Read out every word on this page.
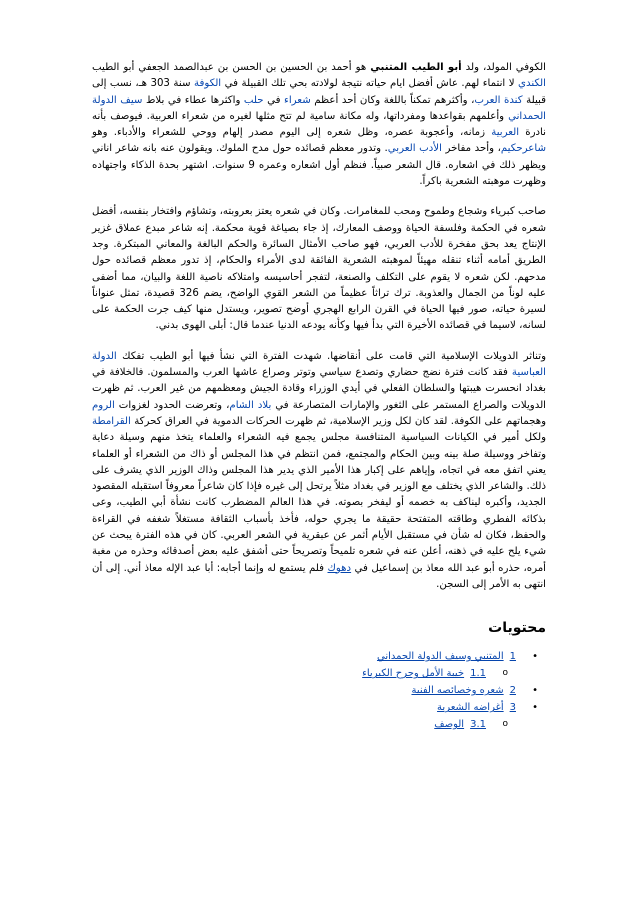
الكوفي المولد، ولد أبو الطيب المتنبي هو أحمد بن الحسين بن الحسن بن عبدالصمد الجعفي أبو الطيب الكندي لا انتماء لهم. عاش أفضل ايام حياته نتيجة لولادته بحي تلك القبيلة في الكوفة سنة 303 هـ، نسب إلى قبيلة كندة العرب، وأكثرهم تمكناً باللغة وكان أحد أعظم شعراء في حلب واكثرها عطاء في بلاط سيف الدولة الحمداني وأعلمهم بقواعدها ومفرداتها، وله مكانة سامية لم تتح مثلها لغيره من شعراء العربية. فيوصف بأنه نادرة العربية زمانه، وأعجوبة عصره، وظل شعره إلى اليوم مصدر إلهام ووحي للشعراء والأدباء. وهو شاعرحكيم، وأحد مفاخر الأدب العربي. وتدور معظم قصائده حول مدح الملوك. ويقولون عنه بانه شاعر اناني ويظهر ذلك في اشعاره. قال الشعر صبياً. فنظم أول اشعاره وعمره 9 سنوات. اشتهر بحدة الذكاء واجتهاده وظهرت موهبته الشعرية باكراً.

صاحب كبرياء وشجاع وطموح ومحب للمغامرات. وكان في شعره يعتز بعروبته، وتشاؤم وافتخار بنفسه، أفضل شعره في الحكمة وفلسفة الحياة ووصف المعارك، إذ جاء بصياغة قوية محكمة. إنه شاعر مبدع عملاق غزير الإنتاج يعد بحق مفخرة للأدب العربي، فهو صاحب الأمثال السائرة والحكم البالغة والمعاني المبتكرة. وجد الطريق أمامه أثناء تنقله مهيئاً لموهبته الشعرية الفائقة لدى الأمراء والحكام، إذ تدور معظم قصائده حول مدحهم. لكن شعره لا يقوم على التكلف والصنعة، لتفجر أحاسيسه وامتلاكه ناصية اللغة والبيان، مما أضفى عليه لوناً من الجمال والعذوبة. ترك تراثاً عظيماً من الشعر القوي الواضح، يضم 326 قصيدة، تمثل عنواناً لسيرة حياته، صور فيها الحياة في القرن الرابع الهجري أوضح تصوير، ويستدل منها كيف جرت الحكمة على لسانه، لاسيما في قصائده الأخيرة التي بدأ فيها وكأنه يودعه الدنيا عندما قال: أبلى الهوى بدني.

وتناثر الدويلات الإسلامية التي قامت على أنقاضها. شهدت الفترة التي نشأ فيها أبو الطيب تفكك الدولة العباسية فقد كانت فترة نضج حضاري وتصدع سياسي وتوتر وصراع عاشها العرب والمسلمون. فالخلافة في بغداد انحسرت هيبتها والسلطان الفعلي في أيدي الوزراء وقادة الجيش ومعظمهم من غير العرب. ثم ظهرت الدويلات والصراع المستمر على الثغور والإمارات المتصارعة في بلاد الشام، وتعرضت الحدود لغزوات الروم وهجماتهم على الكوفة. لقد كان لكل وزير الإسلامية، ثم ظهرت الحركات الدموية في العراق كحركة القرامطة ولكل أمير في الكيانات السياسية المتنافسة مجلس يجمع فيه الشعراء والعلماء يتخذ منهم وسيلة دعاية وتفاخر ووسيلة صلة بينه وبين الحكام والمجتمع، فمن انتظم في هذا المجلس أو ذاك من الشعراء أو العلماء يعني اتفق معه في اتجاه، وإياهم على إكبار هذا الأمير الذي يدير هذا المجلس وذاك الوزير الذي يشرف على ذلك. والشاعر الذي يختلف مع الوزير في بغداد مثلاً يرتحل إلى غيره فإذا كان شاعراً معروفاً استقبله المقصود الجديد، وأكبره ليناكف به خصمه أو ليفخر بصوته. في هذا العالم المضطرب كانت نشأة أبي الطيب، وعى بذكائه الفطري وطاقته المتفتحة حقيقة ما يجري حوله، فأخذ بأسباب الثقافة مستغلاً شغفه في القراءة والحفظ، فكان له شأن في مستقبل الأيام أثمر عن عبقرية في الشعر العربي. كان في هذه الفترة يبحث عن شيء يلح عليه في ذهنه، أعلن عنه في شعره تلميحاً وتصريحاً حتى أشفق عليه بعض أصدقائه وحذره من مغبة أمره، حذره أبو عبد الله معاذ بن إسماعيل في دهوك فلم يستمع له وإنما أجابه: أبا عبد الإله معاذ أني. إلى أن انتهى به الأمر إلى السجن.

محتويات
•
1المتنبي وسيف الدولة الحمداني
o
1.1خيبة الأمل وجرح الكبرياء
•
2شعره وخصائصه الفنية
•
3أغراضه الشعرية
o
3.1الوصف
